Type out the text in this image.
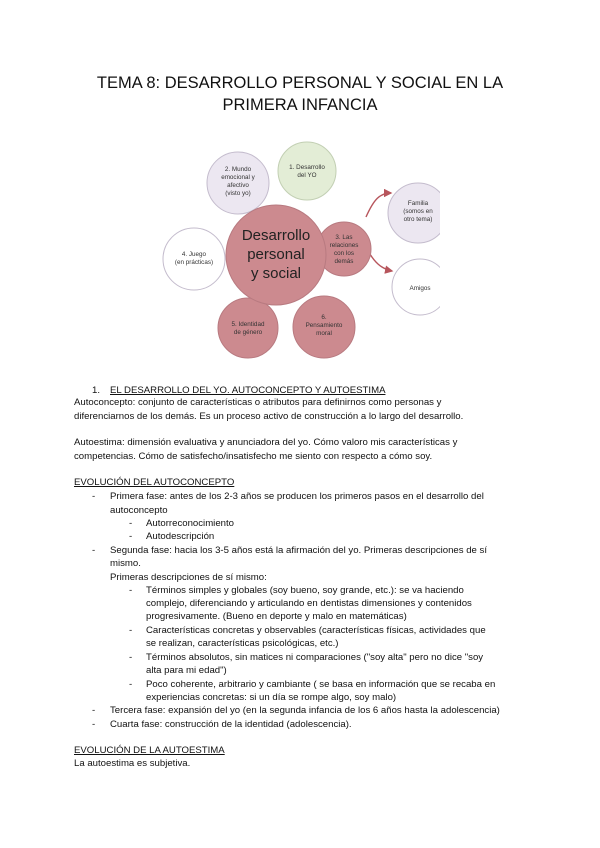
TEMA 8: DESARROLLO PERSONAL Y SOCIAL EN LA
PRIMERA INFANCIA
Desarrollo
personal
y social
1. Desarrollo
del YO
2. Mundo
emocional y
afectivo
(visto yo)
3. Las
relaciones
con los
demás
Familia
(somos en
otro tema)
Amigos
4. Juego
(en prácticas)
5. Identidad
de género
6.
Pensamiento
moral
1. EL DESARROLLO DEL YO. AUTOCONCEPTO Y AUTOESTIMA
Autoconcepto: conjunto de características o atributos para definirnos como personas y
diferenciarnos de los demás. Es un proceso activo de construcción a lo largo del desarrollo.
Autoestima: dimensión evaluativa y anunciadora del yo. Cómo valoro mis características y
competencias. Cómo de satisfecho/insatisfecho me siento con respecto a cómo soy.
EVOLUCIÓN DEL AUTOCONCEPTO
- Primera fase: antes de los 2-3 años se producen los primeros pasos en el desarrollo del
autoconcepto
- Autorreconocimiento
- Autodescripción
- Segunda fase: hacia los 3-5 años está la afirmación del yo. Primeras descripciones de sí
mismo.
Primeras descripciones de sí mismo:
- Términos simples y globales (soy bueno, soy grande, etc.): se va haciendo
complejo, diferenciando y articulando en dentistas dimensiones y contenidos
progresivamente. (Bueno en deporte y malo en matemáticas)
- Características concretas y observables (características físicas, actividades que
se realizan, características psicológicas, etc.)
- Términos absolutos, sin matices ni comparaciones ("soy alta" pero no dice "soy
alta para mi edad")
- Poco coherente, arbitrario y cambiante ( se basa en información que se recaba en
experiencias concretas: si un día se rompe algo, soy malo)
- Tercera fase: expansión del yo (en la segunda infancia de los 6 años hasta la adolescencia)
- Cuarta fase: construcción de la identidad (adolescencia).
EVOLUCIÓN DE LA AUTOESTIMA
La autoestima es subjetiva.
